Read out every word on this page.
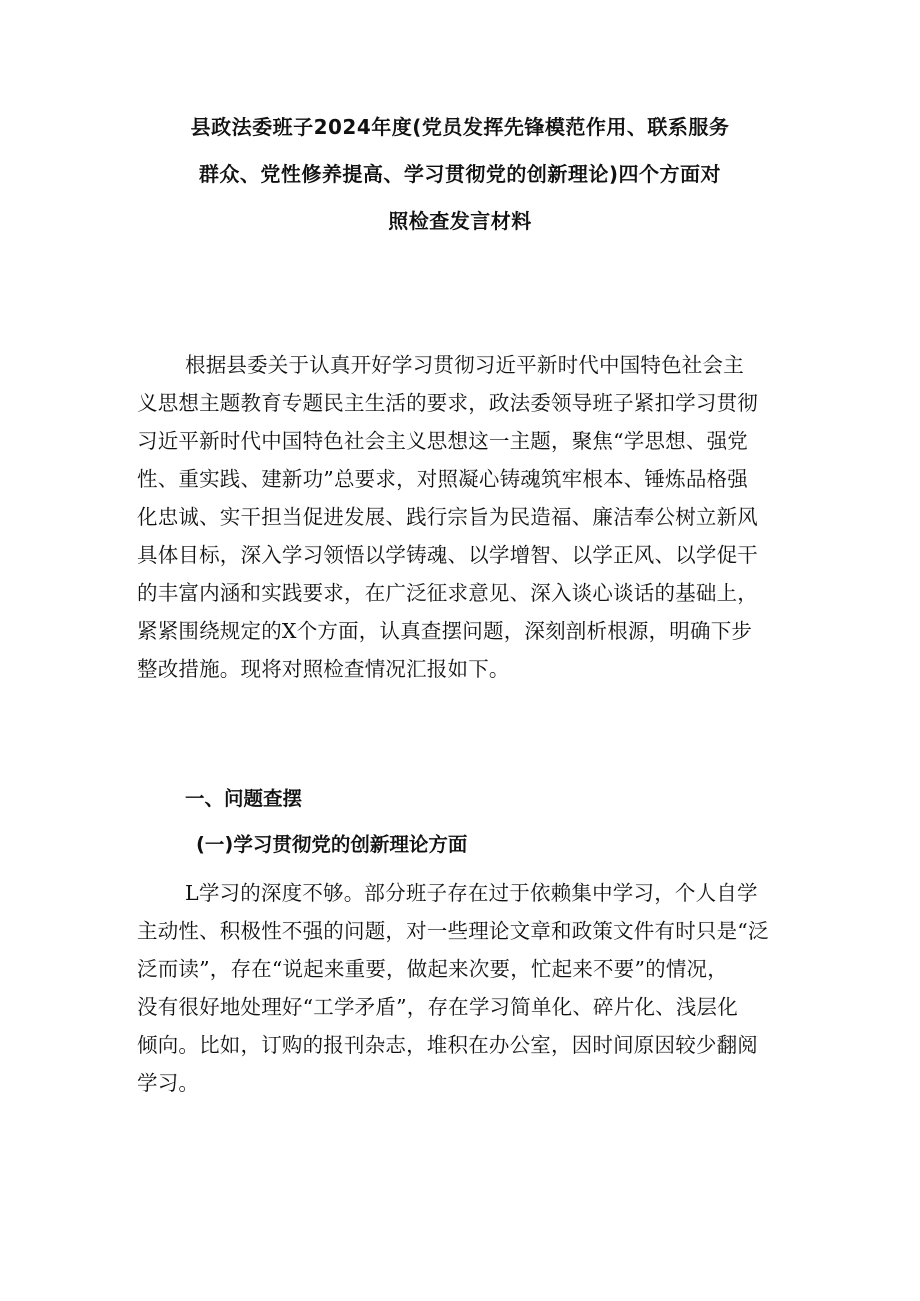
县政法委班子2024年度(党员发挥先锋模范作用、联系服务
群众、党性修养提高、学习贯彻党的创新理论)四个方面对
照检查发言材料
根据县委关于认真开好学习贯彻习近平新时代中国特色社会主
义思想主题教育专题民主生活的要求，政法委领导班子紧扣学习贯彻
习近平新时代中国特色社会主义思想这一主题，聚焦“学思想、强党
性、重实践、建新功”总要求，对照凝心铸魂筑牢根本、锤炼品格强
化忠诚、实干担当促进发展、践行宗旨为民造福、廉洁奉公树立新风
具体目标，深入学习领悟以学铸魂、以学增智、以学正风、以学促干
的丰富内涵和实践要求，在广泛征求意见、深入谈心谈话的基础上，
紧紧围绕规定的X个方面，认真查摆问题，深刻剖析根源，明确下步
整改措施。现将对照检查情况汇报如下。
一、问题查摆
(一)学习贯彻党的创新理论方面
L学习的深度不够。部分班子存在过于依赖集中学习，个人自学
主动性、积极性不强的问题，对一些理论文章和政策文件有时只是“泛
泛而读”，存在“说起来重要，做起来次要，忙起来不要”的情况，
没有很好地处理好“工学矛盾”，存在学习简单化、碎片化、浅层化
倾向。比如，订购的报刊杂志，堆积在办公室，因时间原因较少翻阅
学习。
